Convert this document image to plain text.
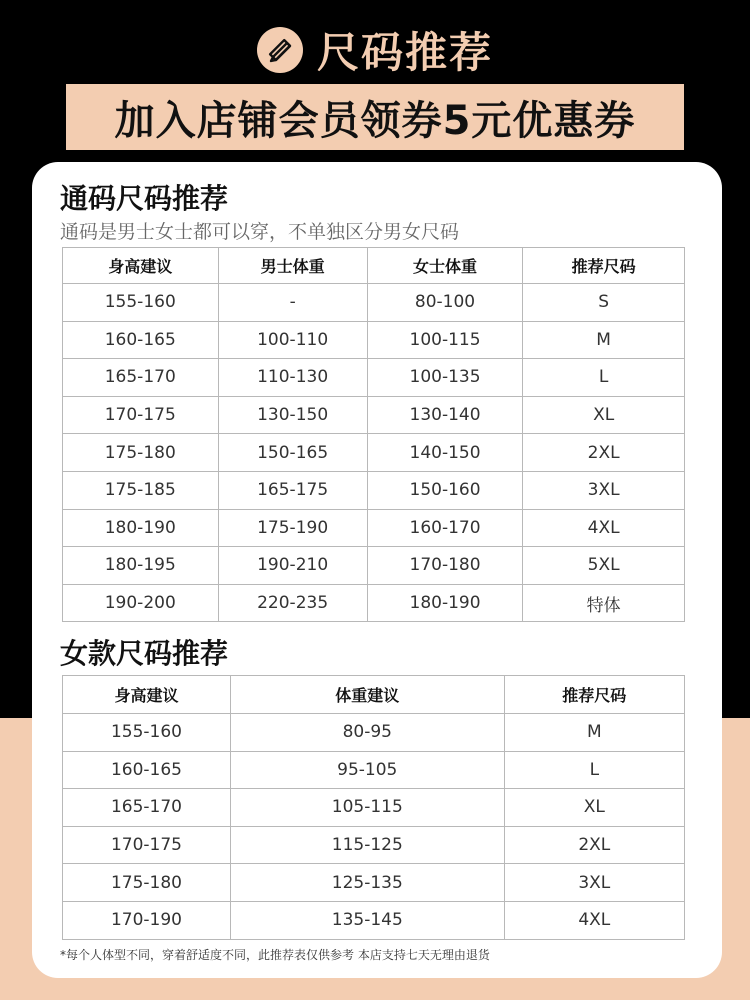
尺码推荐
加入店铺会员领券5元优惠券
通码尺码推荐
通码是男士女士都可以穿，不单独区分男女尺码
身高建议	男士体重	女士体重	推荐尺码
155-160	-	80-100	S
160-165	100-110	100-115	M
165-170	110-130	100-135	L
170-175	130-150	130-140	XL
175-180	150-165	140-150	2XL
175-185	165-175	150-160	3XL
180-190	175-190	160-170	4XL
180-195	190-210	170-180	5XL
190-200	220-235	180-190	特体
女款尺码推荐
身高建议	体重建议	推荐尺码
155-160	80-95	M
160-165	95-105	L
165-170	105-115	XL
170-175	115-125	2XL
175-180	125-135	3XL
170-190	135-145	4XL
*每个人体型不同，穿着舒适度不同，此推荐表仅供参考 本店支持七天无理由退货
